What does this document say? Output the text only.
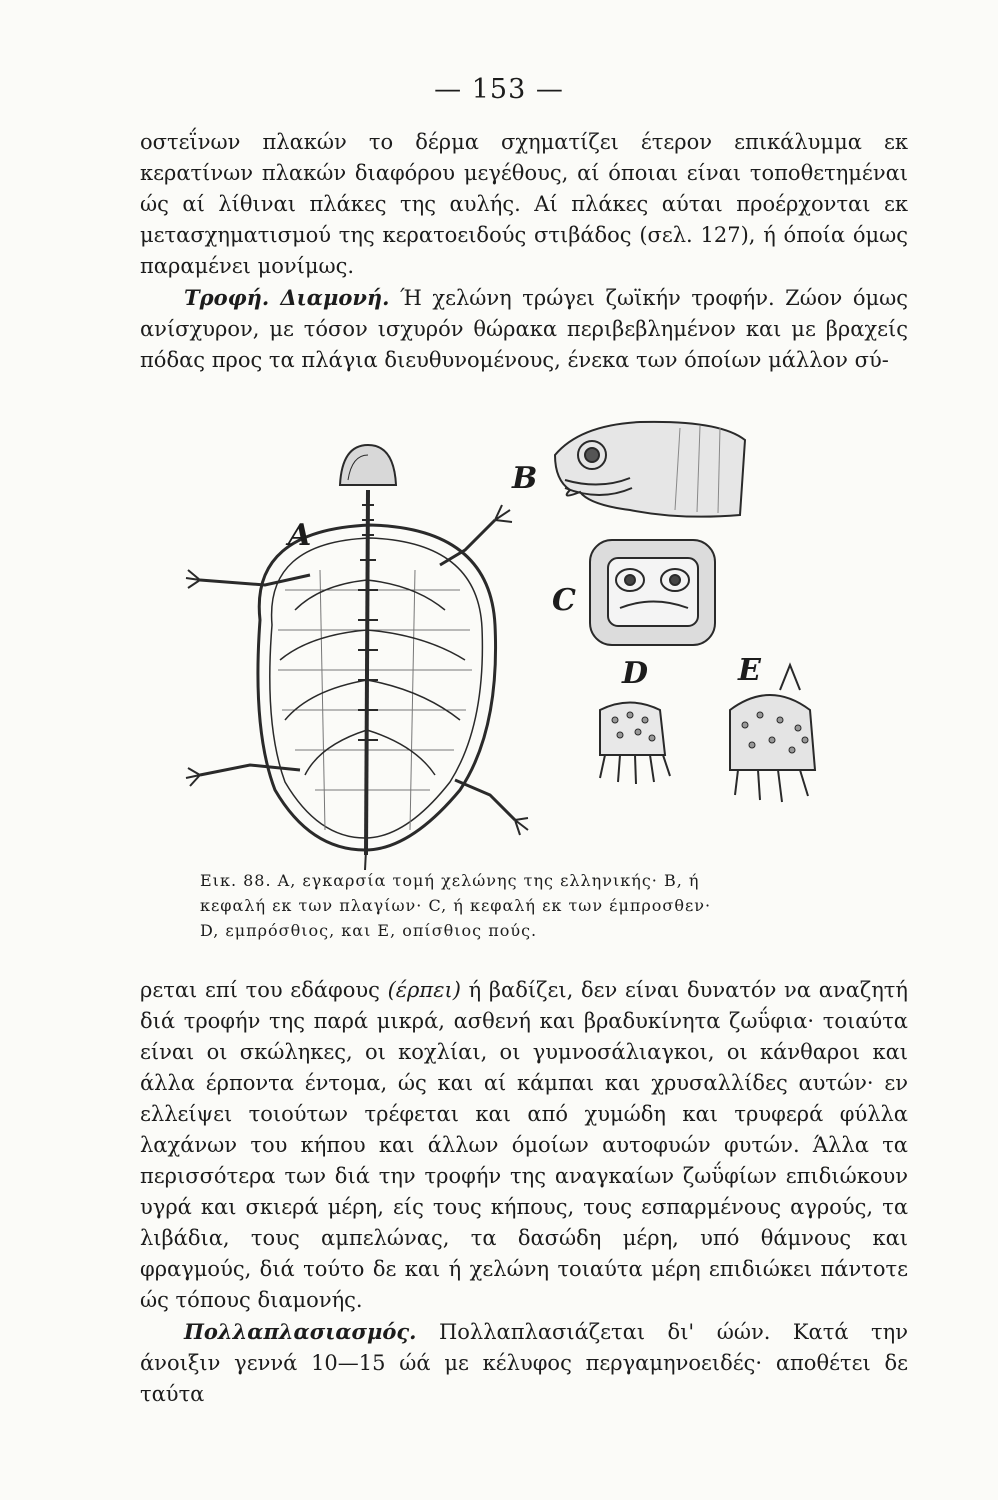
— 153 —

οστεΐνων πλακών το δέρμα σχηματίζει έτερον επικάλυμμα εκ κερατίνων πλακών διαφόρου μεγέθους, αί όποιαι είναι τοποθετημέναι ώς αί λίθιναι πλάκες της αυλής. Αί πλάκες αύται προέρχονται εκ μετασχηματισμού της κερατοειδούς στιβάδος (σελ. 127), ή όποία όμως παραμένει μονίμως.

Τροφή. Διαμονή. Ή χελώνη τρώγει ζωϊκήν τροφήν. Ζώον όμως ανίσχυρον, με τόσον ισχυρόν θώρακα περιβεβλημένον και με βραχείς πόδας προς τα πλάγια διευθυνομένους, ένεκα των όποίων μάλλον σύ-

A
B
C
D	E
Εικ. 88. A, εγκαρσία τομή χελώνης της ελληνικής· B, ή
κεφαλή εκ των πλαγίων· C, ή κεφαλή εκ των έμπροσθεν·
D, εμπρόσθιος, και E, οπίσθιος πούς.

ρεται επί του εδάφους (έρπει) ή βαδίζει, δεν είναι δυνατόν να αναζητή διά τροφήν της παρά μικρά, ασθενή και βραδυκίνητα ζωΰφια· τοιαύτα είναι οι σκώληκες, οι κοχλίαι, οι γυμνοσάλιαγκοι, οι κάνθαροι και άλλα έρποντα έντομα, ώς και αί κάμπαι και χρυσαλλίδες αυτών· εν ελλείψει τοιούτων τρέφεται και από χυμώδη και τρυφερά φύλλα λαχάνων του κήπου και άλλων όμοίων αυτοφυών φυτών. Άλλα τα περισσότερα των διά την τροφήν της αναγκαίων ζωΰφίων επιδιώκουν υγρά και σκιερά μέρη, είς τους κήπους, τους εσπαρμένους αγρούς, τα λιβάδια, τους αμπελώνας, τα δασώδη μέρη, υπό θάμνους και φραγμούς, διά τούτο δε και ή χελώνη τοιαύτα μέρη επιδιώκει πάντοτε ώς τόπους διαμονής.

Πολλαπλασιασμός. Πολλαπλασιάζεται δι' ώών. Κατά την άνοιξιν γεννά 10—15 ώά με κέλυφος περγαμηνοειδές· αποθέτει δε ταύτα
